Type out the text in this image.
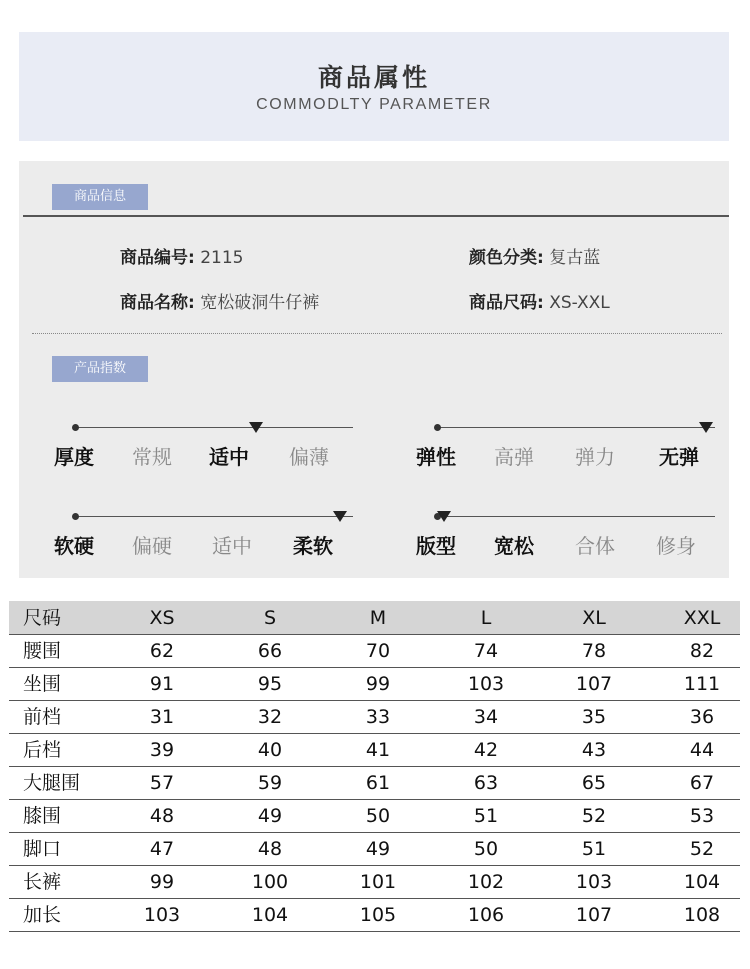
商品属性
COMMODLTY PARAMETER
商品信息
商品编号: 2115	颜色分类: 复古蓝
商品名称: 宽松破洞牛仔裤	商品尺码: XS-XXL
产品指数
厚度 常规 适中 偏薄	弹性 高弹 弹力 无弹
软硬 偏硬 适中 柔软	版型 宽松 合体 修身
尺码	XS	S	M	L	XL	XXL
腰围	62	66	70	74	78	82
坐围	91	95	99	103	107	111
前档	31	32	33	34	35	36
后档	39	40	41	42	43	44
大腿围	57	59	61	63	65	67
膝围	48	49	50	51	52	53
脚口	47	48	49	50	51	52
长裤	99	100	101	102	103	104
加长	103	104	105	106	107	108
